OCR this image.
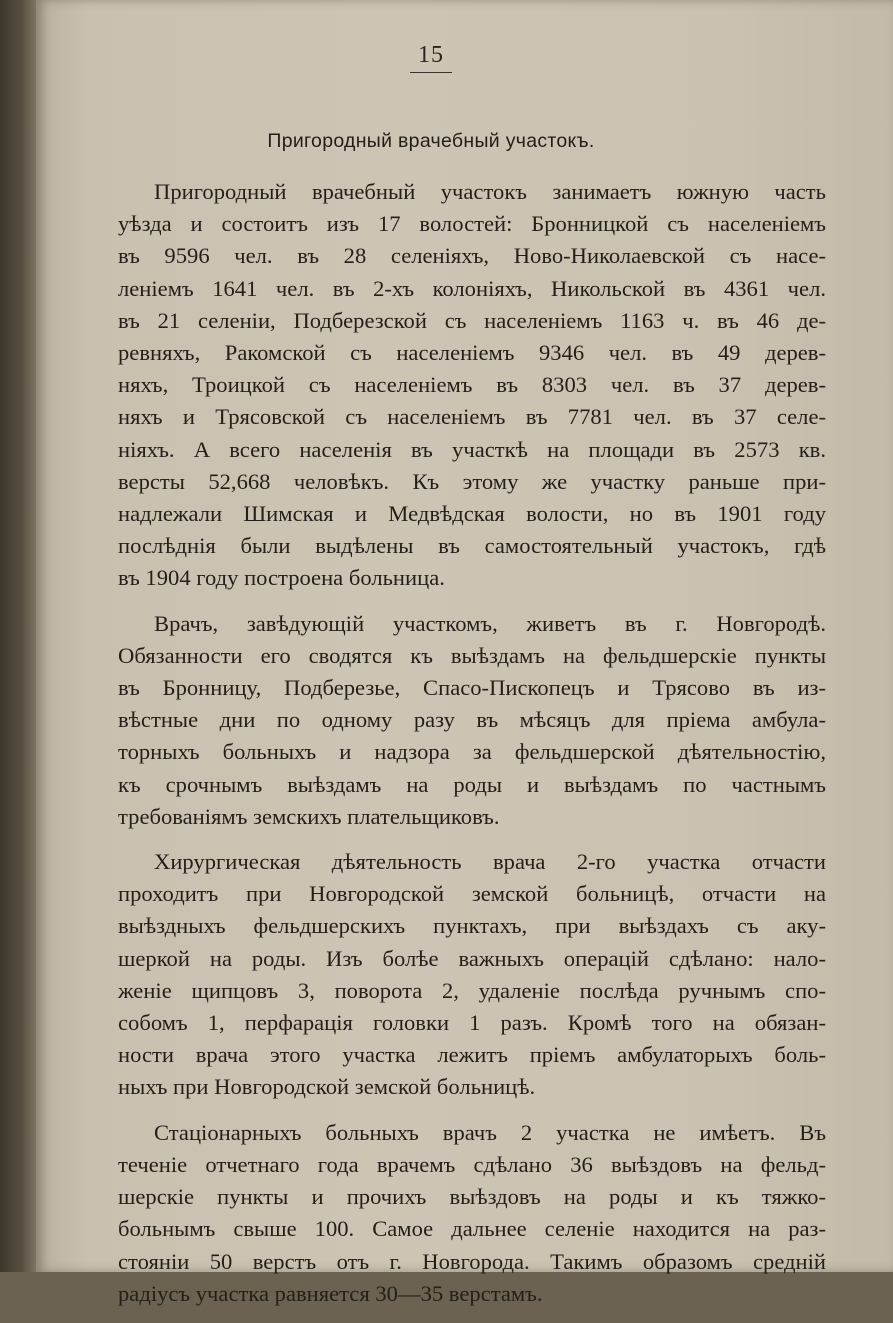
15
Пригородный врачебный участокъ.
Пригородный врачебный участокъ занимаетъ южную часть
уѣзда и состоитъ изъ 17 волостей: Бронницкой съ населеніемъ
въ 9596 чел. въ 28 селеніяхъ, Ново-Николаевской съ насе-
леніемъ 1641 чел. въ 2-хъ колоніяхъ, Никольской въ 4361 чел.
въ 21 селеніи, Подберезской съ населеніемъ 1163 ч. въ 46 де-
ревняхъ, Ракомской съ населеніемъ 9346 чел. въ 49 дерев-
няхъ, Троицкой съ населеніемъ въ 8303 чел. въ 37 дерев-
няхъ и Трясовской съ населеніемъ въ 7781 чел. въ 37 селе-
ніяхъ. А всего населенія въ участкѣ на площади въ 2573 кв.
версты 52,668 человѣкъ. Къ этому же участку раньше при-
надлежали Шимская и Медвѣдская волости, но въ 1901 году
послѣднія были выдѣлены въ самостоятельный участокъ, гдѣ
въ 1904 году построена больница.
Врачъ, завѣдующій участкомъ, живетъ въ г. Новгородѣ.
Обязанности его сводятся къ выѣздамъ на фельдшерскіе пункты
въ Бронницу, Подберезье, Спасо-Пископецъ и Трясово въ из-
вѣстные дни по одному разу въ мѣсяцъ для пріема амбула-
торныхъ больныхъ и надзора за фельдшерской дѣятельностію,
къ срочнымъ выѣздамъ на роды и выѣздамъ по частнымъ
требованіямъ земскихъ плательщиковъ.
Хирургическая дѣятельность врача 2-го участка отчасти
проходитъ при Новгородской земской больницѣ, отчасти на
выѣздныхъ фельдшерскихъ пунктахъ, при выѣздахъ съ аку-
шеркой на роды. Изъ болѣе важныхъ операцій сдѣлано: нало-
женіе щипцовъ 3, поворота 2, удаленіе послѣда ручнымъ спо-
собомъ 1, перфарація головки 1 разъ. Кромѣ того на обязан-
ности врача этого участка лежитъ пріемъ амбулаторыхъ боль-
ныхъ при Новгородской земской больницѣ.
Стаціонарныхъ больныхъ врачъ 2 участка не имѣетъ. Въ
теченіе отчетнаго года врачемъ сдѣлано 36 выѣздовъ на фельд-
шерскіе пункты и прочихъ выѣздовъ на роды и къ тяжко-
больнымъ свыше 100. Самое дальнее селеніе находится на раз-
стояніи 50 верстъ отъ г. Новгорода. Такимъ образомъ средній
радіусъ участка равняется 30—35 верстамъ.
